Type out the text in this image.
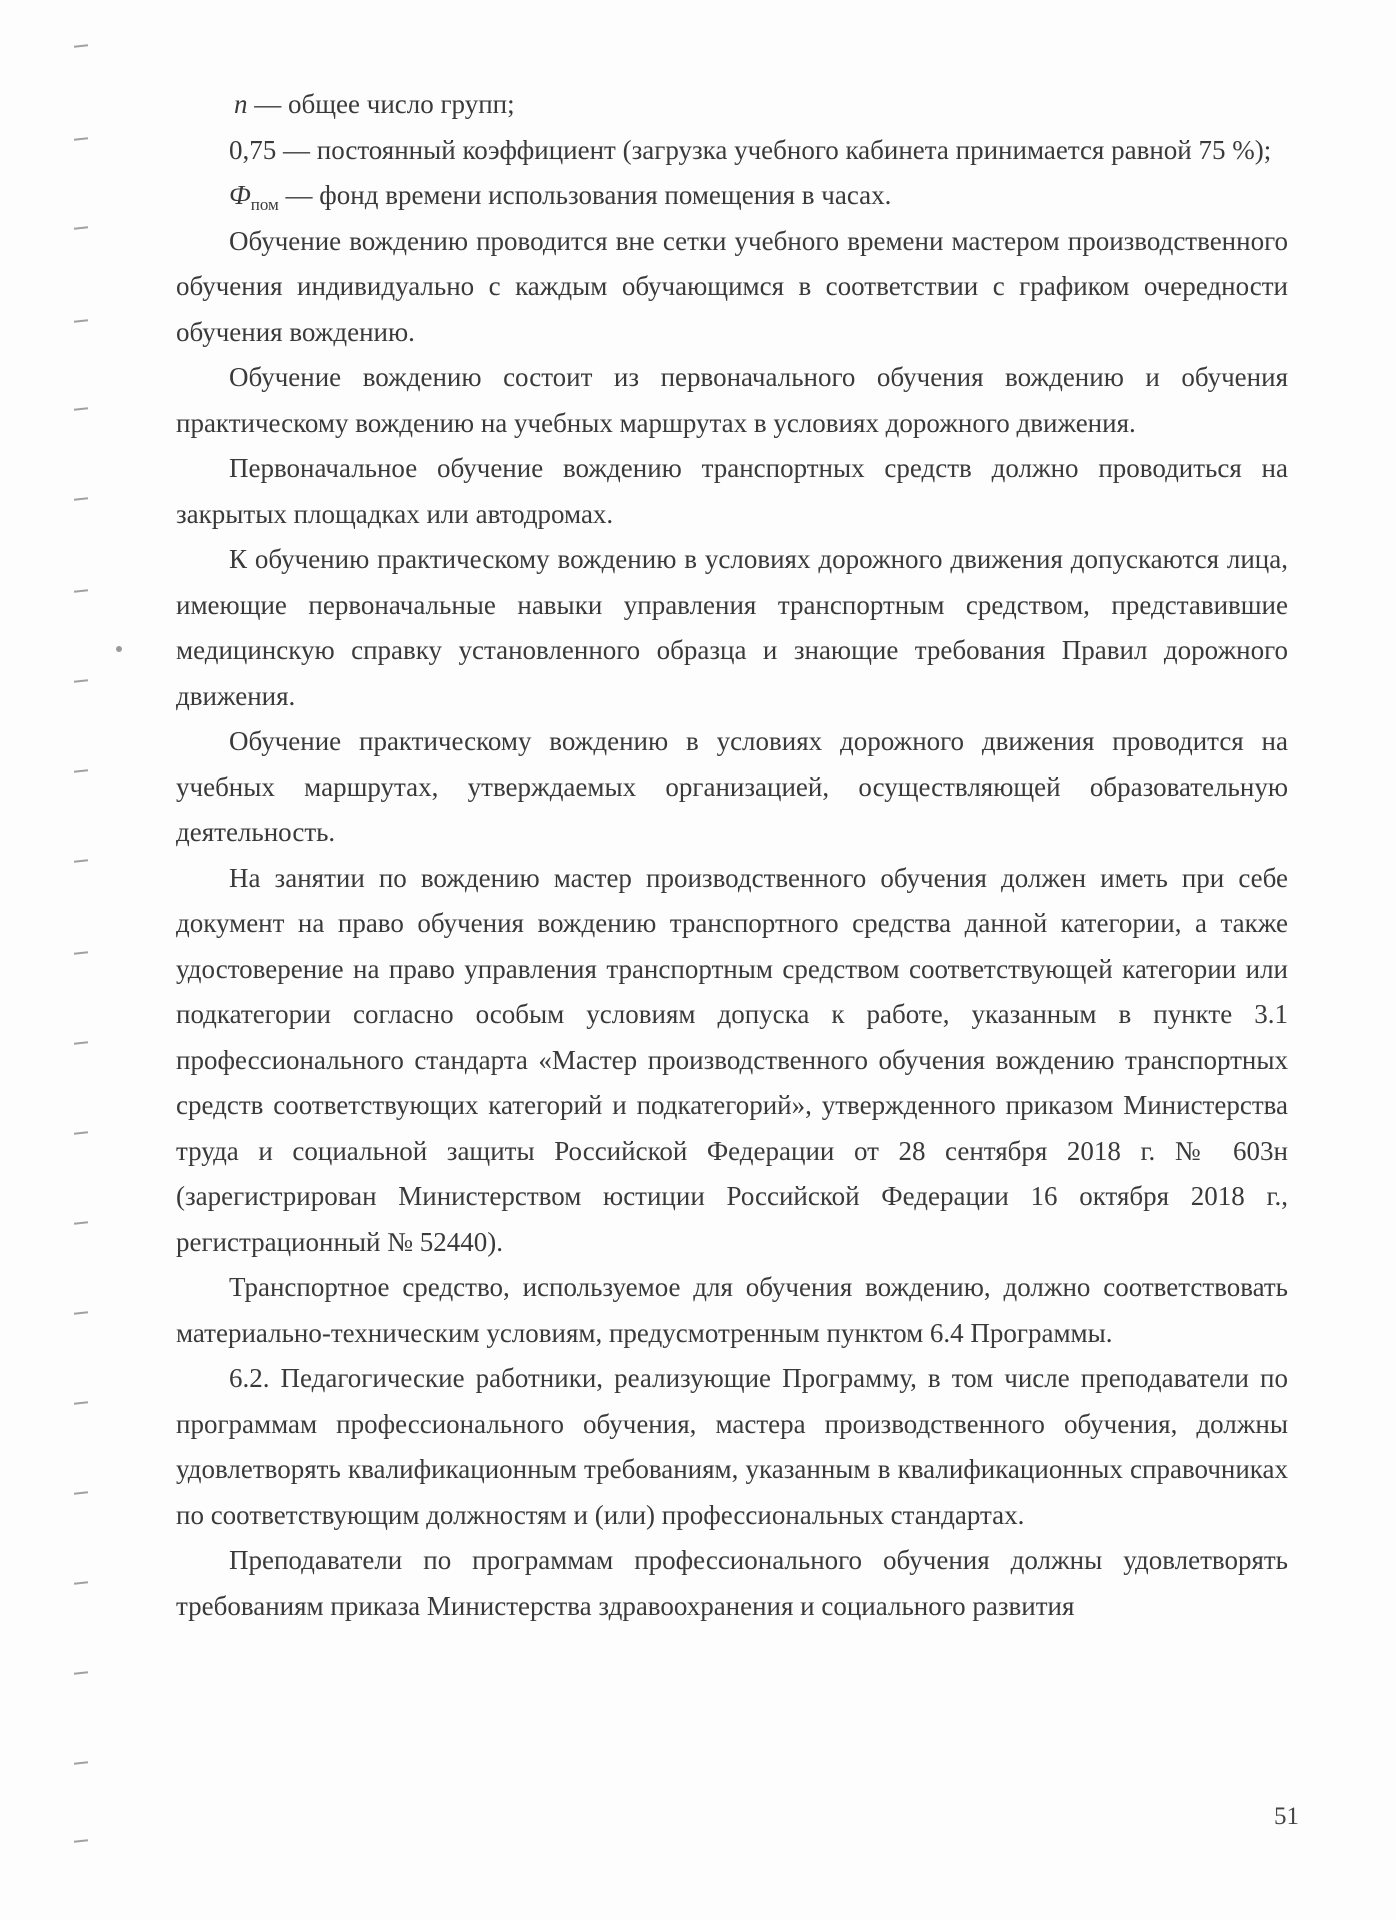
n — общее число групп;

0,75 — постоянный коэффициент (загрузка учебного кабинета принимается равной 75 %);

$Ф_{пом}$ — фонд времени использования помещения в часах.

Обучение вождению проводится вне сетки учебного времени мастером производственного обучения индивидуально с каждым обучающимся в соответствии с графиком очередности обучения вождению.

Обучение вождению состоит из первоначального обучения вождению и обучения практическому вождению на учебных маршрутах в условиях дорожного движения.

Первоначальное обучение вождению транспортных средств должно проводиться на закрытых площадках или автодромах.

К обучению практическому вождению в условиях дорожного движения допускаются лица, имеющие первоначальные навыки управления транспортным средством, представившие медицинскую справку установленного образца и знающие требования Правил дорожного движения.

Обучение практическому вождению в условиях дорожного движения проводится на учебных маршрутах, утверждаемых организацией, осуществляющей образовательную деятельность.

На занятии по вождению мастер производственного обучения должен иметь при себе документ на право обучения вождению транспортного средства данной категории, а также удостоверение на право управления транспортным средством соответствующей категории или подкатегории согласно особым условиям допуска к работе, указанным в пункте 3.1 профессионального стандарта «Мастер производственного обучения вождению транспортных средств соответствующих категорий и подкатегорий», утвержденного приказом Министерства труда и социальной защиты Российской Федерации от 28 сентября 2018 г. № 603н (зарегистрирован Министерством юстиции Российской Федерации 16 октября 2018 г., регистрационный № 52440).

Транспортное средство, используемое для обучения вождению, должно соответствовать материально-техническим условиям, предусмотренным пунктом 6.4 Программы.

6.2. Педагогические работники, реализующие Программу, в том числе преподаватели по программам профессионального обучения, мастера производственного обучения, должны удовлетворять квалификационным требованиям, указанным в квалификационных справочниках по соответствующим должностям и (или) профессиональных стандартах.

Преподаватели по программам профессионального обучения должны удовлетворять требованиям приказа Министерства здравоохранения и социального развития

51
